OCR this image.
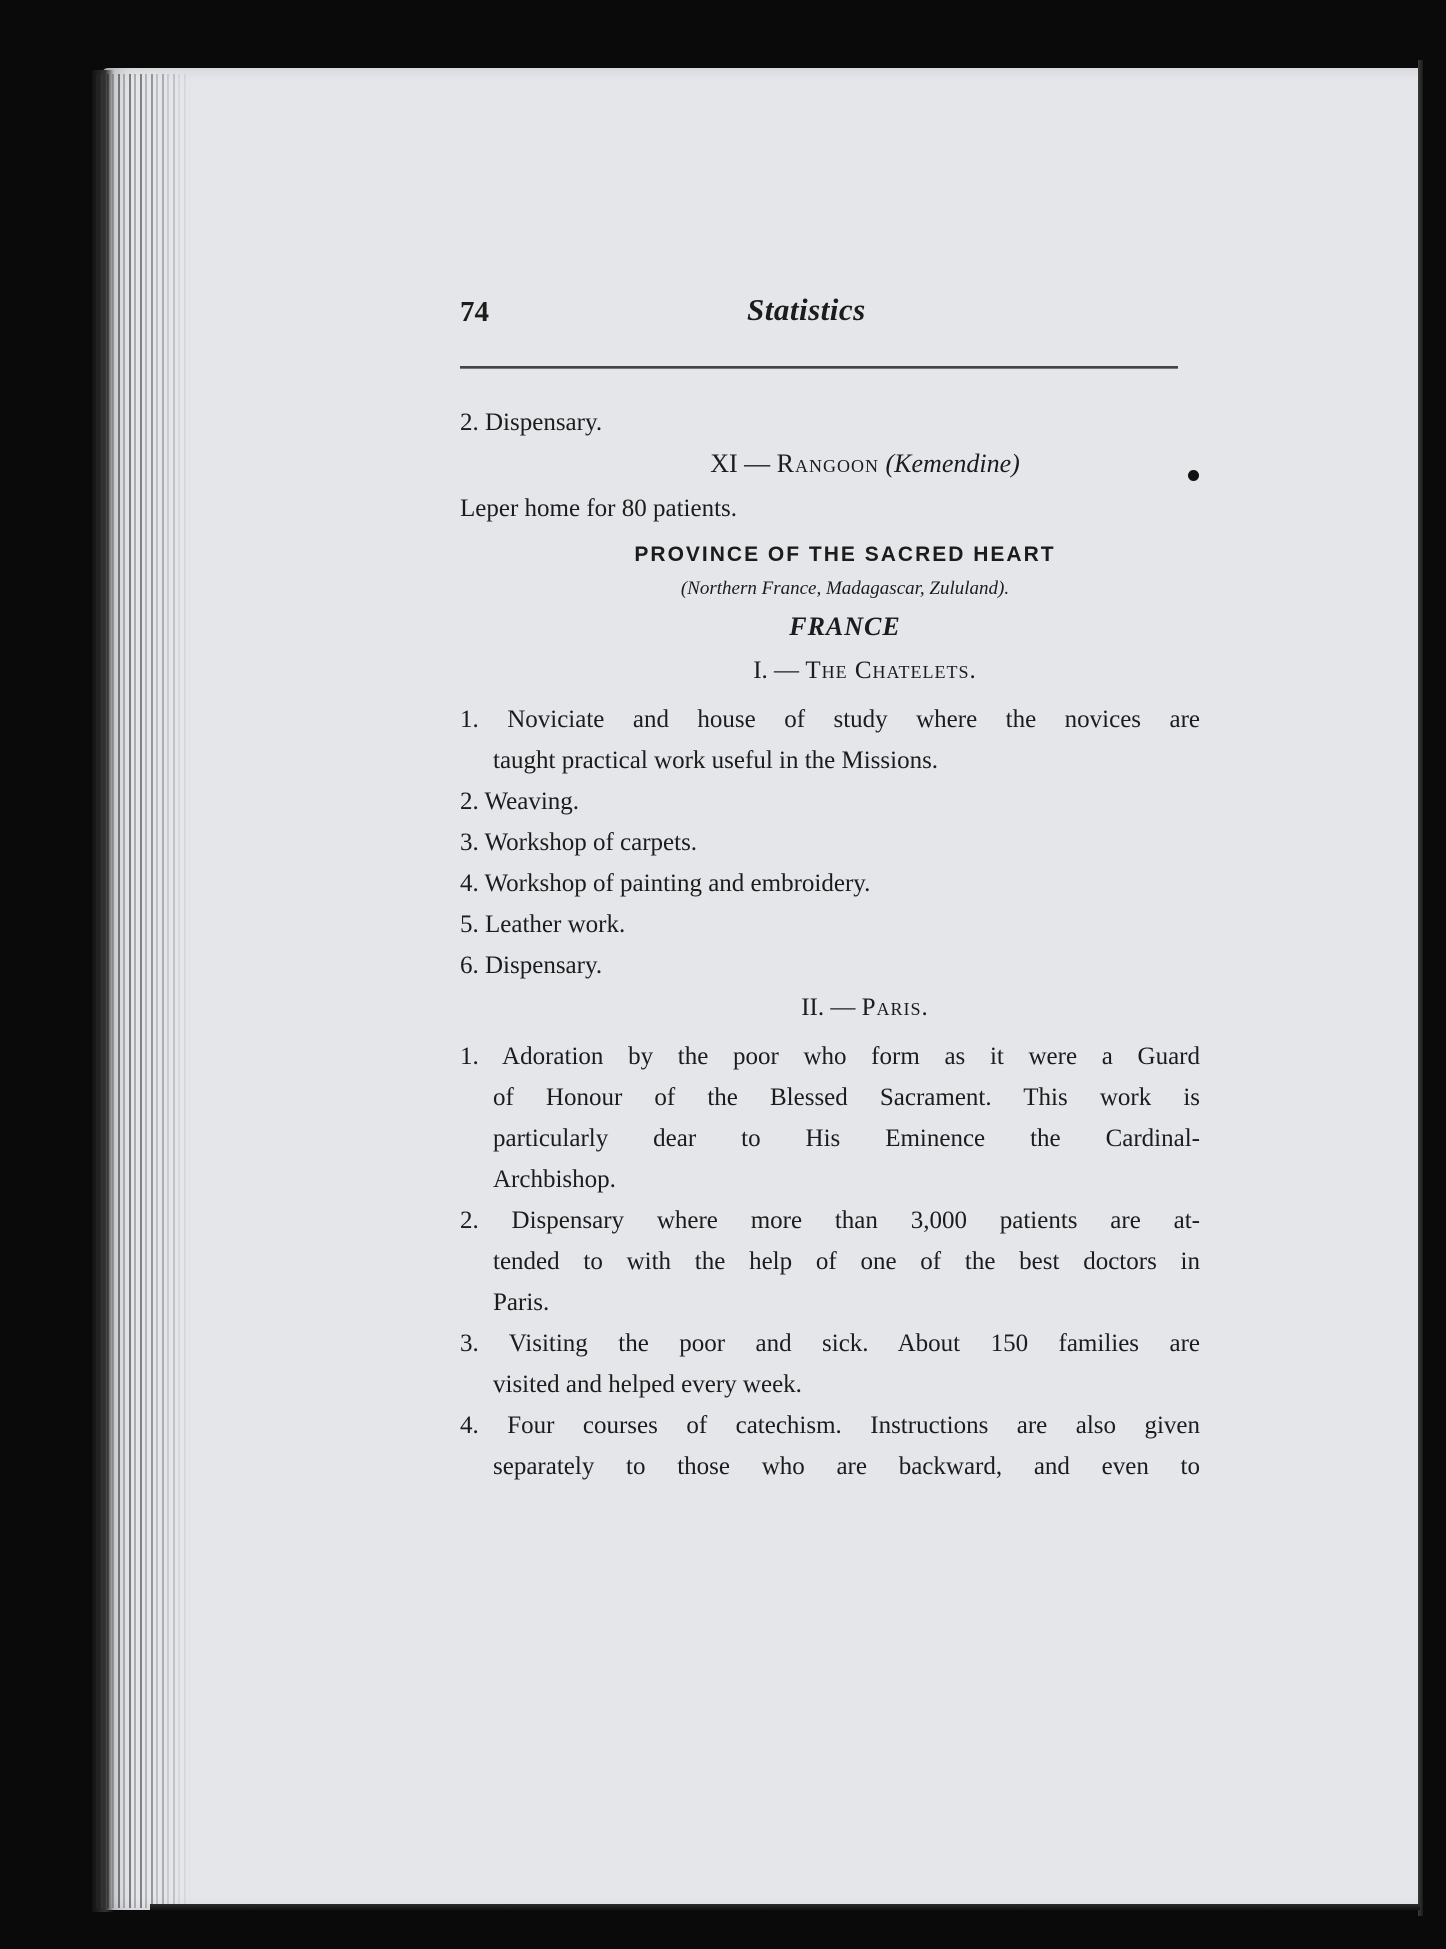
74	Statistics
2. Dispensary.
XI — Rangoon (Kemendine)
Leper home for 80 patients.
PROVINCE OF THE SACRED HEART
(Northern France, Madagascar, Zululand).
FRANCE
I. — The Chatelets.
1. Noviciate and house of study where the novices are
taught practical work useful in the Missions.
2. Weaving.
3. Workshop of carpets.
4. Workshop of painting and embroidery.
5. Leather work.
6. Dispensary.
II. — Paris.
1. Adoration by the poor who form as it were a Guard
of Honour of the Blessed Sacrament. This work is
particularly dear to His Eminence the Cardinal-
Archbishop.
2. Dispensary where more than 3,000 patients are at-
tended to with the help of one of the best doctors in
Paris.
3. Visiting the poor and sick. About 150 families are
visited and helped every week.
4. Four courses of catechism. Instructions are also given
separately to those who are backward, and even to
